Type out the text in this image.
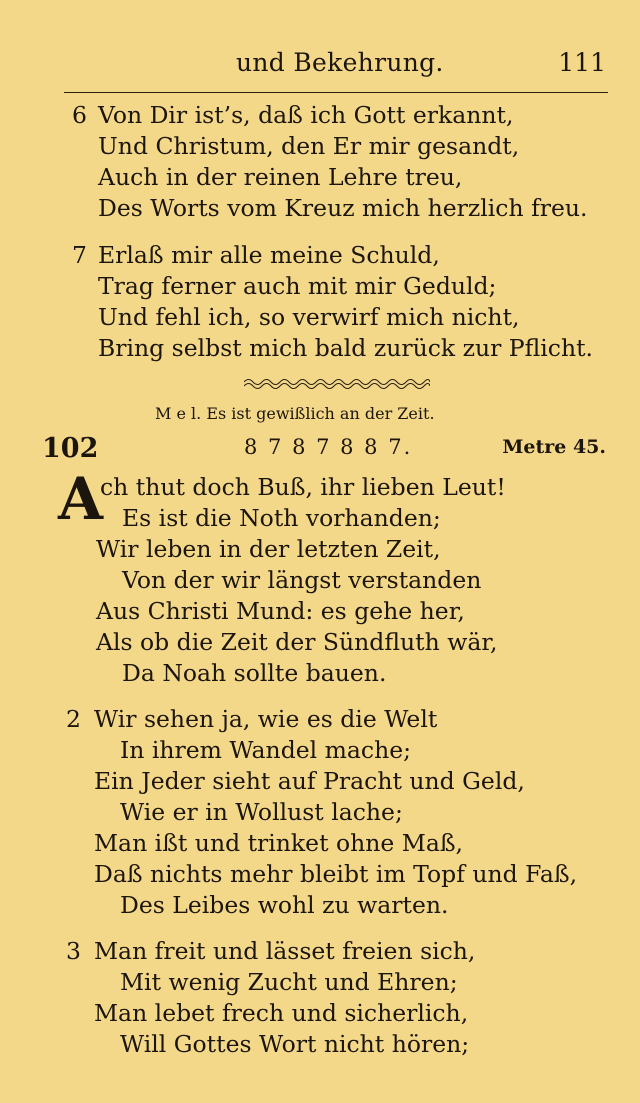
und Bekehrung.	111
6 Von Dir ist’s, daß ich Gott erkannt,
Und Christum, den Er mir gesandt,
Auch in der reinen Lehre treu,
Des Worts vom Kreuz mich herzlich freu.
7 Erlaß mir alle meine Schuld,
Trag ferner auch mit mir Geduld;
Und fehl ich, so verwirf mich nicht,
Bring selbst mich bald zurück zur Pflicht.
M e l. Es ist gewißlich an der Zeit.
102	8 7 8 7 8 8 7.	Metre 45.
A
ch thut doch Buß, ihr lieben Leut!
Es ist die Noth vorhanden;
Wir leben in der letzten Zeit,
Von der wir längst verstanden
Aus Christi Mund: es gehe her,
Als ob die Zeit der Sündfluth wär,
Da Noah sollte bauen.
2 Wir sehen ja, wie es die Welt
In ihrem Wandel mache;
Ein Jeder sieht auf Pracht und Geld,
Wie er in Wollust lache;
Man ißt und trinket ohne Maß,
Daß nichts mehr bleibt im Topf und Faß,
Des Leibes wohl zu warten.
3 Man freit und lässet freien sich,
Mit wenig Zucht und Ehren;
Man lebet frech und sicherlich,
Will Gottes Wort nicht hören;
